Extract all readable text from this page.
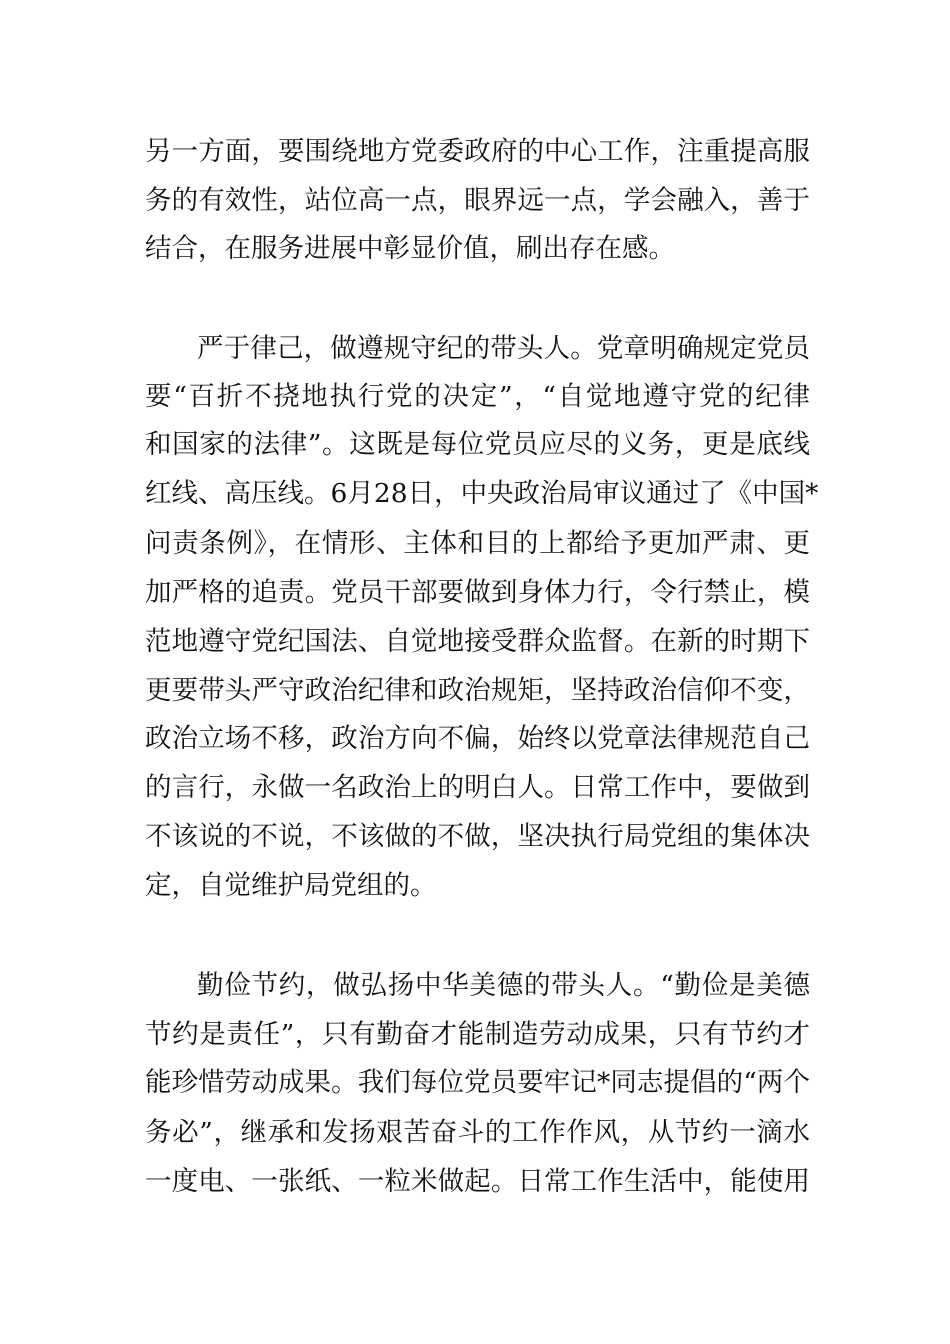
另一方面，要围绕地方党委政府的中心工作，注重提高服

务的有效性，站位高一点，眼界远一点，学会融入，善于

结合，在服务进展中彰显价值，刷出存在感。

严于律己，做遵规守纪的带头人。党章明确规定党员

要“百折不挠地执行党的决定”，“自觉地遵守党的纪律

和国家的法律”。这既是每位党员应尽的义务，更是底线

红线、高压线。6月28日，中央政治局审议通过了《中国*

问责条例》，在情形、主体和目的上都给予更加严肃、更

加严格的追责。党员干部要做到身体力行，令行禁止，模

范地遵守党纪国法、自觉地接受群众监督。在新的时期下

更要带头严守政治纪律和政治规矩，坚持政治信仰不变，

政治立场不移，政治方向不偏，始终以党章法律规范自己

的言行，永做一名政治上的明白人。日常工作中，要做到

不该说的不说，不该做的不做，坚决执行局党组的集体决

定，自觉维护局党组的。

勤俭节约，做弘扬中华美德的带头人。“勤俭是美德

节约是责任”，只有勤奋才能制造劳动成果，只有节约才

能珍惜劳动成果。我们每位党员要牢记*同志提倡的“两个

务必”，继承和发扬艰苦奋斗的工作作风，从节约一滴水

一度电、一张纸、一粒米做起。日常工作生活中，能使用
